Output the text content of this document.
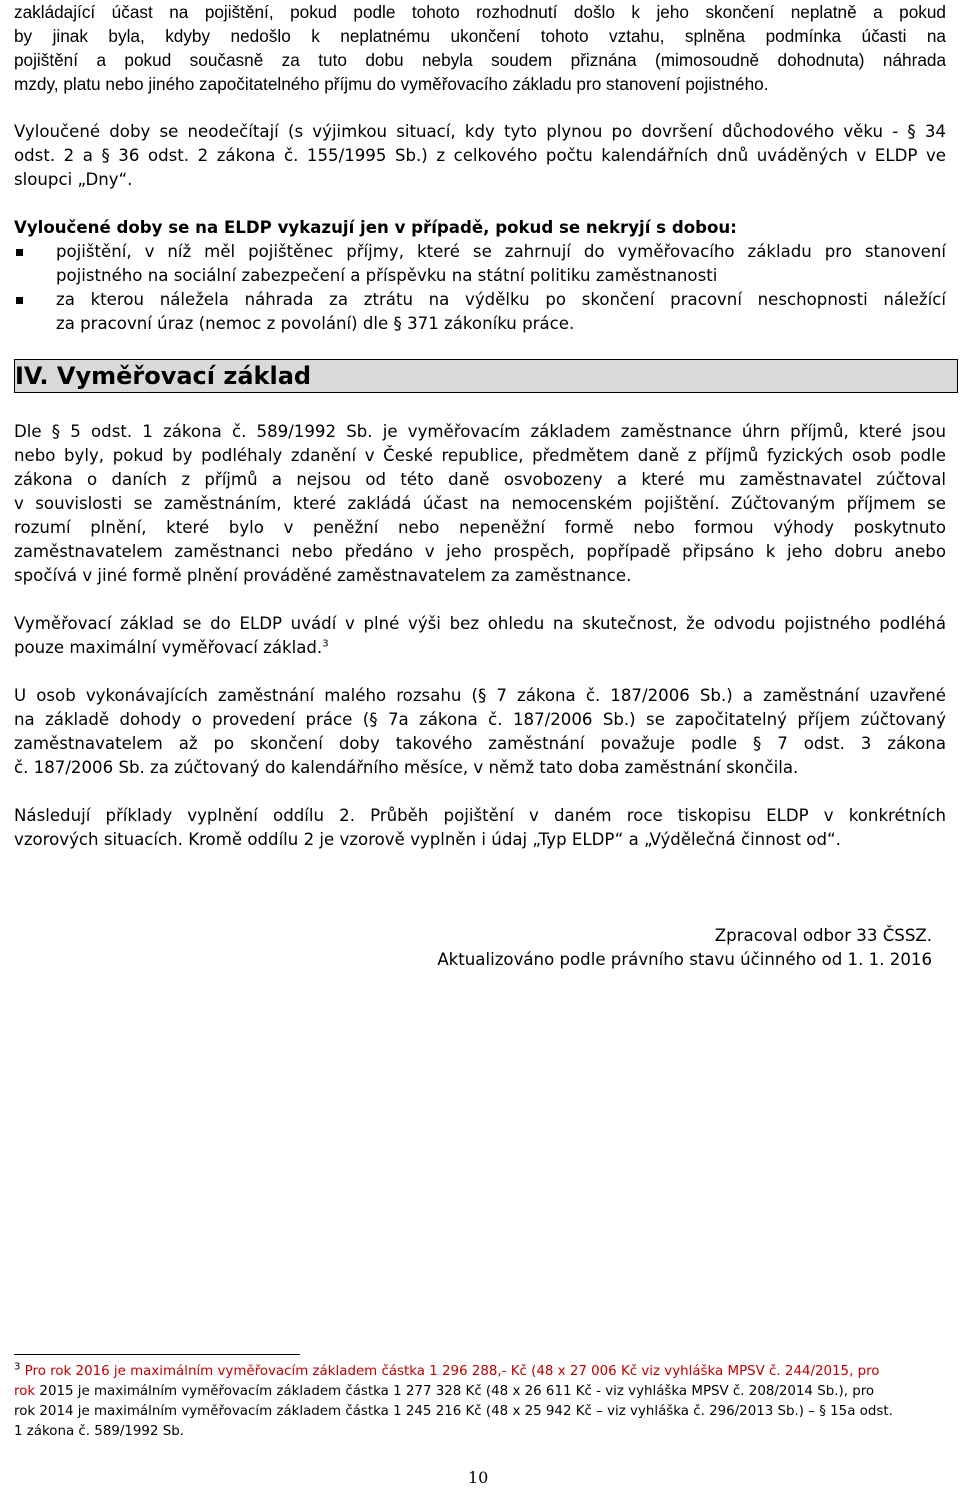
zakládající účast na pojištění, pokud podle tohoto rozhodnutí došlo k jeho skončení neplatně a pokud
by jinak byla, kdyby nedošlo k neplatnému ukončení tohoto vztahu, splněna podmínka účasti na
pojištění a pokud současně za tuto dobu nebyla soudem přiznána (mimosoudně dohodnuta) náhrada
mzdy, platu nebo jiného započitatelného příjmu do vyměřovacího základu pro stanovení pojistného.
Vyloučené doby se neodečítají (s výjimkou situací, kdy tyto plynou po dovršení důchodového věku - § 34
odst. 2 a § 36 odst. 2 zákona č. 155/1995 Sb.) z celkového počtu kalendářních dnů uváděných v ELDP ve
sloupci „Dny“.
Vyloučené doby se na ELDP vykazují jen v případě, pokud se nekryjí s dobou:
pojištění, v níž měl pojištěnec příjmy, které se zahrnují do vyměřovacího základu pro stanovení
pojistného na sociální zabezpečení a příspěvku na státní politiku zaměstnanosti
za kterou náležela náhrada za ztrátu na výdělku po skončení pracovní neschopnosti náležící
za pracovní úraz (nemoc z povolání) dle § 371 zákoníku práce.
IV. Vyměřovací základ
Dle § 5 odst. 1 zákona č. 589/1992 Sb. je vyměřovacím základem zaměstnance úhrn příjmů, které jsou
nebo byly, pokud by podléhaly zdanění v České republice, předmětem daně z příjmů fyzických osob podle
zákona o daních z příjmů a nejsou od této daně osvobozeny a které mu zaměstnavatel zúčtoval
v souvislosti se zaměstnáním, které zakládá účast na nemocenském pojištění. Zúčtovaným příjmem se
rozumí plnění, které bylo v peněžní nebo nepeněžní formě nebo formou výhody poskytnuto
zaměstnavatelem zaměstnanci nebo předáno v jeho prospěch, popřípadě připsáno k jeho dobru anebo
spočívá v jiné formě plnění prováděné zaměstnavatelem za zaměstnance.
Vyměřovací základ se do ELDP uvádí v plné výši bez ohledu na skutečnost, že odvodu pojistného podléhá
pouze maximální vyměřovací základ.$^3$
U osob vykonávajících zaměstnání malého rozsahu (§ 7 zákona č. 187/2006 Sb.) a zaměstnání uzavřené
na základě dohody o provedení práce (§ 7a zákona č. 187/2006 Sb.) se započitatelný příjem zúčtovaný
zaměstnavatelem až po skončení doby takového zaměstnání považuje podle § 7 odst. 3 zákona
č. 187/2006 Sb. za zúčtovaný do kalendářního měsíce, v němž tato doba zaměstnání skončila.
Následují příklady vyplnění oddílu 2. Průběh pojištění v daném roce tiskopisu ELDP v konkrétních
vzorových situacích. Kromě oddílu 2 je vzorově vyplněn i údaj „Typ ELDP“ a „Výdělečná činnost od“.
Zpracoval odbor 33 ČSSZ.
Aktualizováno podle právního stavu účinného od 1. 1. 2016
$^3$ Pro rok 2016 je maximálním vyměřovacím základem částka 1 296 288,- Kč (48 x 27 006 Kč viz vyhláška MPSV č. 244/2015, pro
rok 2015 je maximálním vyměřovacím základem částka 1 277 328 Kč (48 x 26 611 Kč - viz vyhláška MPSV č. 208/2014 Sb.), pro
rok 2014 je maximálním vyměřovacím základem částka 1 245 216 Kč (48 x 25 942 Kč – viz vyhláška č. 296/2013 Sb.) – § 15a odst.
1 zákona č. 589/1992 Sb.
10
